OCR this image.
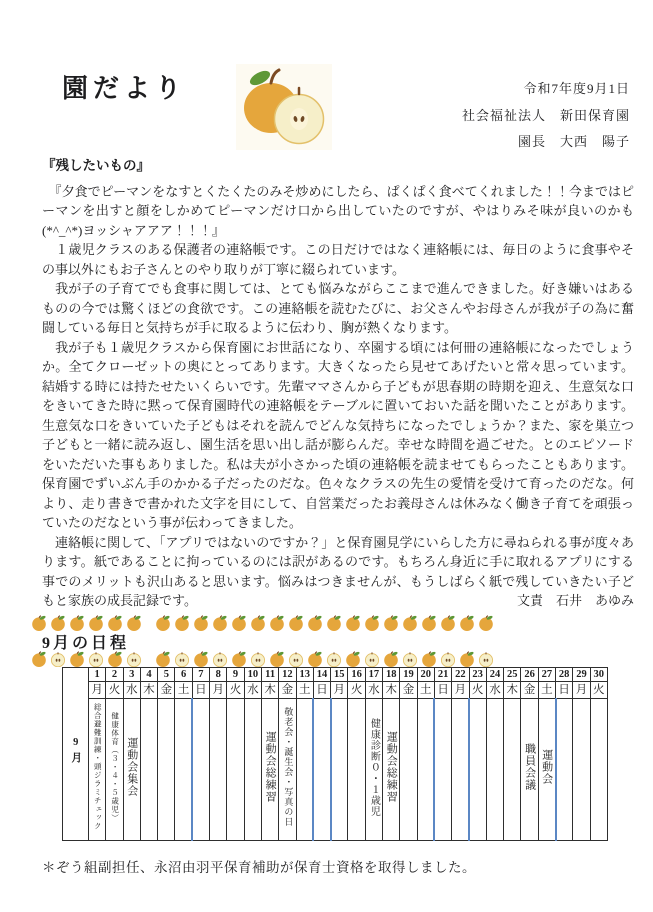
園だより	令和7年度9月1日
社会福祉法人　新田保育園
園長　大西　陽子
『残したいもの』

　『夕食でピーマンをなすとくたくたのみそ炒めにしたら、ぱくぱく食べてくれました！！今まではピーマンを出すと顔をしかめてピーマンだけ口から出していたのですが、やはりみそ味が良いのかも(*^_^*)ヨッシャアアア！！！』

　１歳児クラスのある保護者の連絡帳です。この日だけではなく連絡帳には、毎日のように食事やその事以外にもお子さんとのやり取りが丁寧に綴られています。

　我が子の子育てでも食事に関しては、とても悩みながらここまで進んできました。好き嫌いはあるものの今では驚くほどの食欲です。この連絡帳を読むたびに、お父さんやお母さんが我が子の為に奮闘している毎日と気持ちが手に取るように伝わり、胸が熱くなります。

　我が子も１歳児クラスから保育園にお世話になり、卒園する頃には何冊の連絡帳になったでしょうか。全てクローゼットの奥にとってあります。大きくなったら見せてあげたいと常々思っています。結婚する時には持たせたいくらいです。先輩ママさんから子どもが思春期の時期を迎え、生意気な口をきいてきた時に黙って保育園時代の連絡帳をテーブルに置いておいた話を聞いたことがあります。生意気な口をきいていた子どもはそれを読んでどんな気持ちになったでしょうか？また、家を巣立つ子どもと一緒に読み返し、園生活を思い出し話が膨らんだ。幸せな時間を過ごせた。とのエピソードをいただいた事もありました。私は夫が小さかった頃の連絡帳を読ませてもらったこともあります。保育園でずいぶん手のかかる子だったのだな。色々なクラスの先生の愛情を受けて育ったのだな。何より、走り書きで書かれた文字を目にして、自営業だったお義母さんは休みなく働き子育てを頑張っていたのだなという事が伝わってきました。

　連絡帳に関して、「アプリではないのですか？」と保育園見学にいらした方に尋ねられる事が度々あります。紙であることに拘っているのには訳があるのです。もちろん身近に手に取れるアプリにする事でのメリットも沢山あると思います。悩みはつきませんが、もうしばらく紙で残していきたい子どもと家族の成長記録です。	文責　石井　あゆみ
9月の日程
9月	1	2	3	4	5	6	7	8	9	10	11	12	13	14	15	16	17	18	19	20	21	22	23	24	25	26	27	28	29	30
	月	火	水	木	金	土	日	月	火	水	木	金	土	日	月	火	水	木	金	土	日	月	火	水	木	金	土	日	月	火
	総合避難訓練・頭ジラミチェック	健康体育（３・４・５歳児）	運動会集会								運動会総練習	敬老会・誕生会・写真の日					健康診断０・１歳児	運動会総練習								職員会議	運動会			
＊ぞう組副担任、永沼由羽平保育補助が保育士資格を取得しました。
